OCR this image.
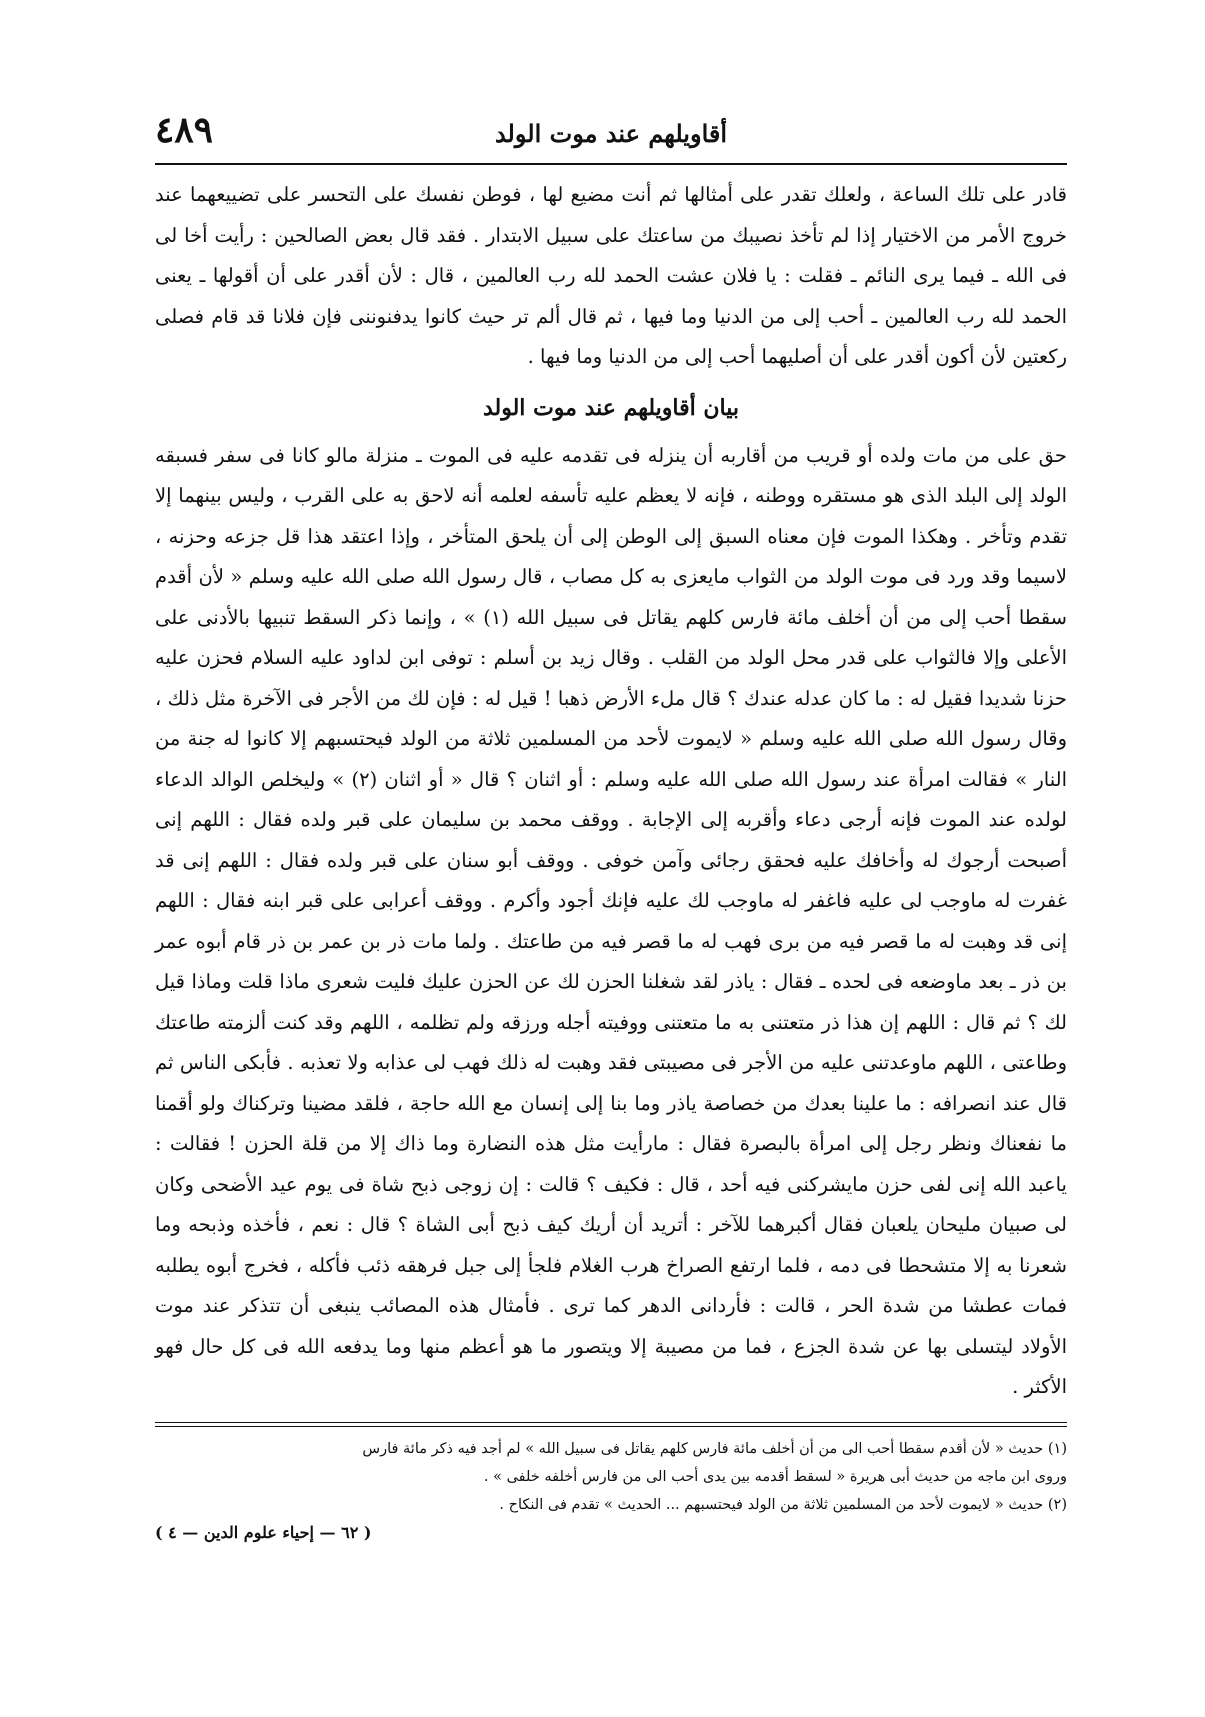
أقاويلهم عند موت الولد
٤٨٩

قادر على تلك الساعة ، ولعلك تقدر على أمثالها ثم أنت مضيع لها ، فوطن نفسك على التحسر على تضييعهما عند خروج الأمر من الاختيار إذا لم تأخذ نصيبك من ساعتك على سبيل الابتدار . فقد قال بعض الصالحين : رأيت أخا لى فى الله ـ فيما يرى النائم ـ فقلت : يا فلان عشت الحمد لله رب العالمين ، قال : لأن أقدر على أن أقولها ـ يعنى الحمد لله رب العالمين ـ أحب إلى من الدنيا وما فيها ، ثم قال ألم تر حيث كانوا يدفنوننى فإن فلانا قد قام فصلى ركعتين لأن أكون أقدر على أن أصليهما أحب إلى من الدنيا وما فيها .

بيان أقاويلهم عند موت الولد

حق على من مات ولده أو قريب من أقاربه أن ينزله فى تقدمه عليه فى الموت ـ منزلة مالو كانا فى سفر فسبقه الولد إلى البلد الذى هو مستقره ووطنه ، فإنه لا يعظم عليه تأسفه لعلمه أنه لاحق به على القرب ، وليس بينهما إلا تقدم وتأخر . وهكذا الموت فإن معناه السبق إلى الوطن إلى أن يلحق المتأخر ، وإذا اعتقد هذا قل جزعه وحزنه ، لاسيما وقد ورد فى موت الولد من الثواب مايعزى به كل مصاب ، قال رسول الله صلى الله عليه وسلم « لأن أقدم سقطا أحب إلى من أن أخلف مائة فارس كلهم يقاتل فى سبيل الله (١) » ، وإنما ذكر السقط تنبيها بالأدنى على الأعلى وإلا فالثواب على قدر محل الولد من القلب . وقال زيد بن أسلم : توفى ابن لداود عليه السلام فحزن عليه حزنا شديدا فقيل له : ما كان عدله عندك ؟ قال ملء الأرض ذهبا ! قيل له : فإن لك من الأجر فى الآخرة مثل ذلك ، وقال رسول الله صلى الله عليه وسلم « لايموت لأحد من المسلمين ثلاثة من الولد فيحتسبهم إلا كانوا له جنة من النار » فقالت امرأة عند رسول الله صلى الله عليه وسلم : أو اثنان ؟ قال « أو اثنان (٢) » وليخلص الوالد الدعاء لولده عند الموت فإنه أرجى دعاء وأقربه إلى الإجابة . ووقف محمد بن سليمان على قبر ولده فقال : اللهم إنى أصبحت أرجوك له وأخافك عليه فحقق رجائى وآمن خوفى . ووقف أبو سنان على قبر ولده فقال : اللهم إنى قد غفرت له ماوجب لى عليه فاغفر له ماوجب لك عليه فإنك أجود وأكرم . ووقف أعرابى على قبر ابنه فقال : اللهم إنى قد وهبت له ما قصر فيه من برى فهب له ما قصر فيه من طاعتك . ولما مات ذر بن عمر بن ذر قام أبوه عمر بن ذر ـ بعد ماوضعه فى لحده ـ فقال : ياذر لقد شغلنا الحزن لك عن الحزن عليك فليت شعرى ماذا قلت وماذا قيل لك ؟ ثم قال : اللهم إن هذا ذر متعتنى به ما متعتنى ووفيته أجله ورزقه ولم تظلمه ، اللهم وقد كنت ألزمته طاعتك وطاعتى ، اللهم ماوعدتنى عليه من الأجر فى مصيبتى فقد وهبت له ذلك فهب لى عذابه ولا تعذبه . فأبكى الناس ثم قال عند انصرافه : ما علينا بعدك من خصاصة ياذر وما بنا إلى إنسان مع الله حاجة ، فلقد مضينا وتركناك ولو أقمنا ما نفعناك ونظر رجل إلى امرأة بالبصرة فقال : مارأيت مثل هذه النضارة وما ذاك إلا من قلة الحزن ! فقالت : ياعبد الله إنى لفى حزن مايشركنى فيه أحد ، قال : فكيف ؟ قالت : إن زوجى ذبح شاة فى يوم عيد الأضحى وكان لى صبيان مليحان يلعبان فقال أكبرهما للآخر : أتريد أن أريك كيف ذبح أبى الشاة ؟ قال : نعم ، فأخذه وذبحه وما شعرنا به إلا متشحطا فى دمه ، فلما ارتفع الصراخ هرب الغلام فلجأ إلى جبل فرهقه ذئب فأكله ، فخرج أبوه يطلبه فمات عطشا من شدة الحر ، قالت : فأردانى الدهر كما ترى . فأمثال هذه المصائب ينبغى أن تتذكر عند موت الأولاد ليتسلى بها عن شدة الجزع ، فما من مصيبة إلا ويتصور ما هو أعظم منها وما يدفعه الله فى كل حال فهو الأكثر .

(١) حديث « لأن أقدم سقطا أحب الى من أن أخلف مائة فارس كلهم يقاتل فى سبيل الله » لم أجد فيه ذكر مائة فارس

وروى ابن ماجه من حديث أبى هريرة « لسقط أقدمه بين يدى أحب الى من فارس أخلفه خلفى » .

(٢) حديث « لايموت لأحد من المسلمين ثلاثة من الولد فيحتسبهم ... الحديث » تقدم فى النكاح .

( ٦٢ — إحياء علوم الدين — ٤ )
